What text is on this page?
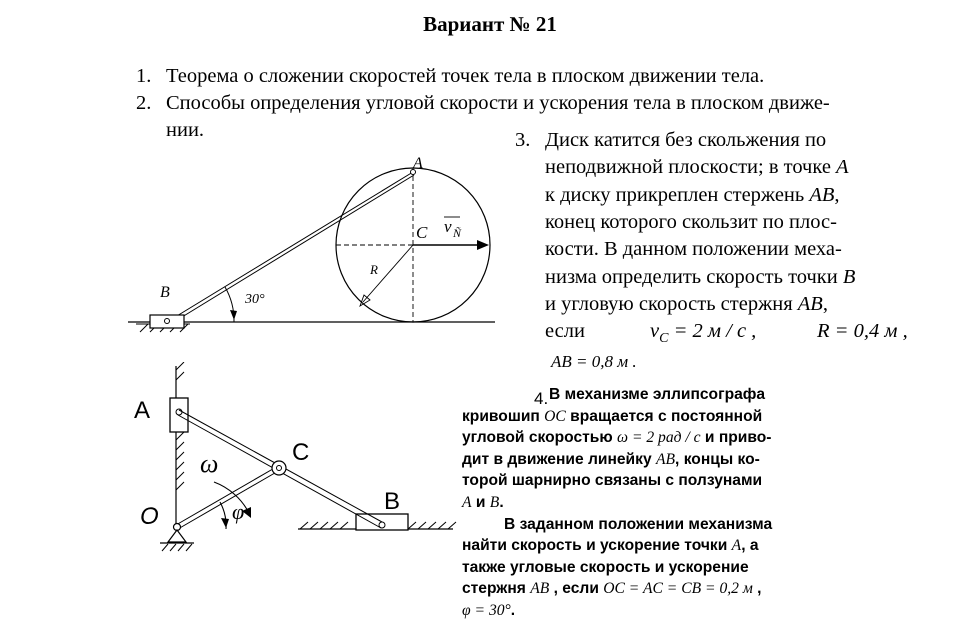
Вариант № 21
1. Теорема о сложении скоростей точек тела в плоском движении тела.
2. Способы определения угловой скорости и ускорения тела в плоском движе-
нии.	3. Диск катится без скольжения по
неподвижной плоскости; в точке A
к диску прикреплен стержень AB,
конец которого скользит по плос-
кости. В данном положении меха-
низма определить скорость точки B
и угловую скорость стержня AB,
если	$v_C = 2$ м / с ,	R = 0,4 м ,
AB = 0,8 м .
A
B
C
R
30°
v Ñ
A
B
C
O
ω
φ
4. В механизме эллипсографа
кривошип OC вращается с постоянной
угловой скоростью ω = 2 рад / с и приво-
дит в движение линейку AB, концы ко-
торой шарнирно связаны с ползунами
A и B.
В заданном положении механизма
найти скорость и ускорение точки A, а
также угловые скорость и ускорение
стержня AB , если OC = AC = CB = 0,2 м ,
φ = 30°.
